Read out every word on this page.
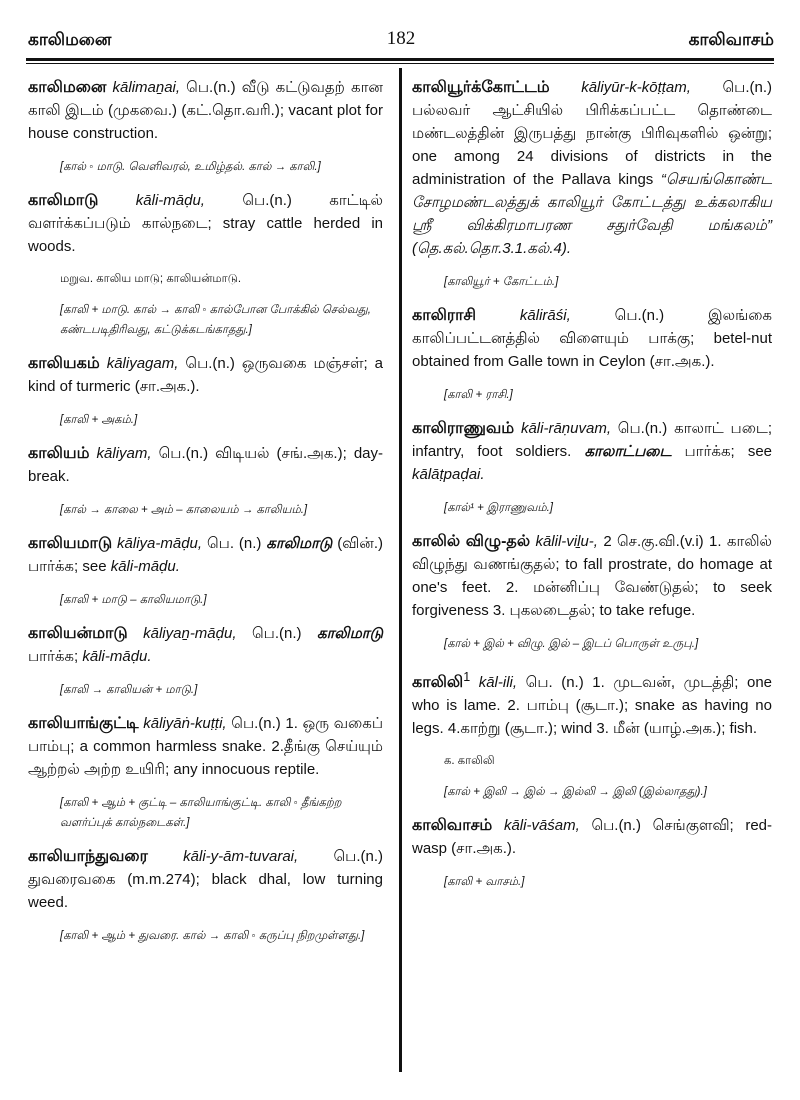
காலிமனை	182	காலிவாசம்
காலிமனை kālimaṉai, பெ.(n.) வீடு கட்டுவதற் கான காலி இடம் (முகவை.) (கட்.தொ.வரி.); vacant plot for house construction.
[கால் ◦ மாடு. வெளிவரல், உமிழ்தல். கால் → காலி.]
காலிமாடு kāli-māḍu, பெ.(n.) காட்டில் வளர்க்கப்படும் கால்நடை; stray cattle herded in woods.
மறுவ. காலிய மாடு; காலியன்மாடு.
[காலி + மாடு. கால் → காலி ◦ கால்போன போக்கில் செல்வது, கண்டபடிதிரிவது, கட்டுக்கடங்காதது.]
காலியகம் kāliyagam, பெ.(n.) ஒருவகை மஞ்சள்; a kind of turmeric (சா.அக.).
[காலி + அகம்.]
காலியம் kāliyam, பெ.(n.) விடியல் (சங்.அக.); day-break.
[கால் → காலை + அம் – காலையம் → காலியம்.]
காலியமாடு kāliya-māḍu, பெ. (n.) காலிமாடு (வின்.) பார்க்க; see kāli-māḍu.
[காலி + மாடு – காலியமாடு.]
காலியன்மாடு kāliyaṉ-māḍu, பெ.(n.) காலிமாடு பார்க்க; kāli-māḍu.
[காலி → காலியன் + மாடு.]
காலியாங்குட்டி kāliyāṅ-kuṭṭi, பெ.(n.) 1. ஒரு வகைப் பாம்பு; a common harmless snake. 2.தீங்கு செய்யும் ஆற்றல் அற்ற உயிரி; any innocuous reptile.
[காலி + ஆம் + குட்டி – காலியாங்குட்டி. காலி ◦ தீங்கற்ற வளர்ப்புக் கால்நடைகள்.]
காலியாந்துவரை kāli-y-ām-tuvarai, பெ.(n.) துவரைவகை (m.m.274); black dhal, low turning weed.
[காலி + ஆம் + துவரை. கால் → காலி ◦ கருப்பு நிறமுள்ளது.]
காலியூர்க்கோட்டம் kāliyūr-k-kōṭṭam, பெ.(n.) பல்லவர் ஆட்சியில் பிரிக்கப்பட்ட தொண்டை மண்டலத்தின் இருபத்து நான்கு பிரிவுகளில் ஒன்று; one among 24 divisions of districts in the administration of the Pallava kings “செயங்கொண்ட சோழமண்டலத்துக் காலியூர் கோட்டத்து உக்கலாகிய ஸ்ரீ விக்கிரமாபரண சதுர்வேதி மங்கலம்” (தெ.கல்.தொ.3.1.கல்.4).
[காலியூர் + கோட்டம்.]
காலிராசி	kālirāśi,	பெ.(n.) இலங்கை காலிப்பட்டனத்தில் விளையும் பாக்கு; betel-nut obtained from Galle town in Ceylon (சா.அக.).
[காலி + ராசி.]
காலிராணுவம் kāli-rāṇuvam, பெ.(n.) காலாட் படை; infantry, foot soldiers. காலாட்படை பார்க்க; see kālāṭpaḍai.
[கால்¹ + இராணுவம்.]
காலில் விழு-தல் kālil-viḻu-, 2 செ.கு.வி.(v.i) 1. காலில் விழுந்து வணங்குதல்; to fall prostrate, do homage at one's feet. 2. மன்னிப்பு வேண்டுதல்; to seek forgiveness 3. புகலடைதல்; to take refuge.
[கால் + இல் + விழு. இல் – இடப் பொருள் உருபு.]
காலிலி$^1$ kāl-ili, பெ. (n.) 1. முடவன், முடத்தி; one who is lame. 2. பாம்பு (சூடா.); snake as having no legs. 4.காற்று (சூடா.); wind 3. மீன் (யாழ்.அக.); fish.
க. காலிலி
[கால் + இலி → இல் → இல்லி → இலி (இல்லாதது).]
காலிவாசம் kāli-vāśam, பெ.(n.) செங்குளவி; red-wasp (சா.அக.).
[காலி + வாசம்.]
